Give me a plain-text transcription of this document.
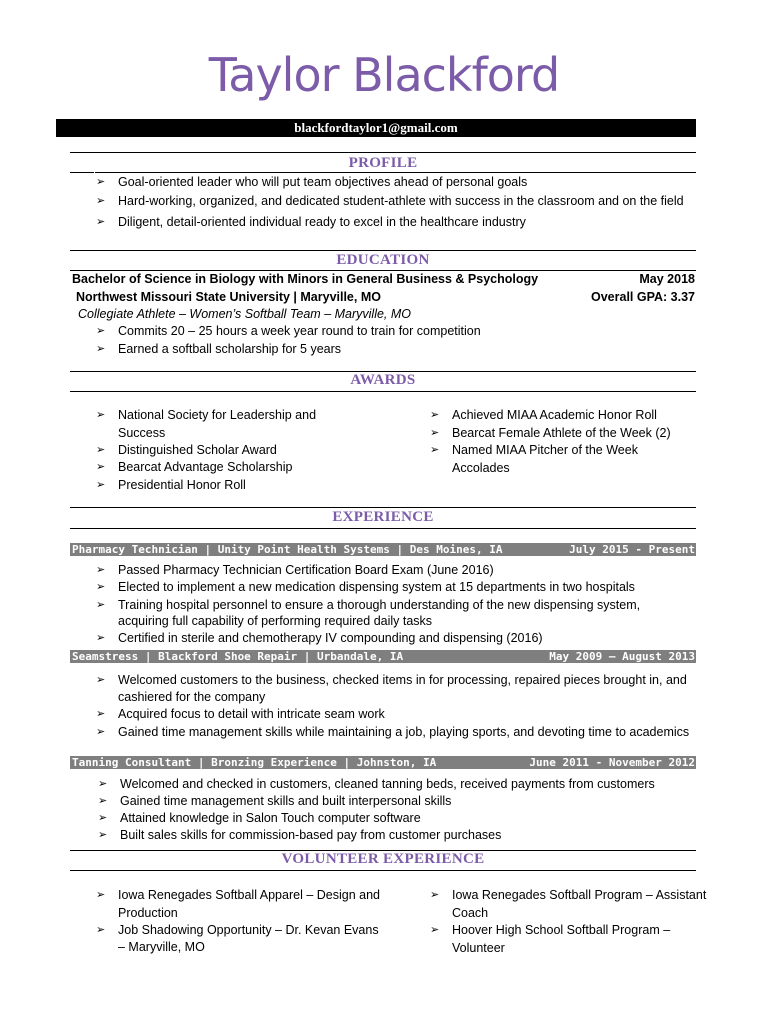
Taylor Blackford
blackfordtaylor1@gmail.com
PROFILE
➢ Goal-oriented leader who will put team objectives ahead of personal goals
➢ Hard-working, organized, and dedicated student-athlete with success in the classroom and on the field
➢ Diligent, detail-oriented individual ready to excel in the healthcare industry
EDUCATION
Bachelor of Science in Biology with Minors in General Business & Psychology	May 2018
Northwest Missouri State University | Maryville, MO	Overall GPA: 3.37
Collegiate Athlete – Women’s Softball Team – Maryville, MO
➢ Commits 20 – 25 hours a week year round to train for competition
➢ Earned a softball scholarship for 5 years
AWARDS
➢ National Society for Leadership and
Success
➢ Distinguished Scholar Award
➢ Bearcat Advantage Scholarship
➢ Presidential Honor Roll
➢ Achieved MIAA Academic Honor Roll
➢ Bearcat Female Athlete of the Week (2)
➢ Named MIAA Pitcher of the Week
Accolades
EXPERIENCE
Pharmacy Technician | Unity Point Health Systems | Des Moines, IA	July 2015 - Present
➢ Passed Pharmacy Technician Certification Board Exam (June 2016)
➢ Elected to implement a new medication dispensing system at 15 departments in two hospitals
➢ Training hospital personnel to ensure a thorough understanding of the new dispensing system,
acquiring full capability of performing required daily tasks
➢ Certified in sterile and chemotherapy IV compounding and dispensing (2016)
Seamstress | Blackford Shoe Repair | Urbandale, IA	May 2009 – August 2013
➢ Welcomed customers to the business, checked items in for processing, repaired pieces brought in, and
cashiered for the company
➢ Acquired focus to detail with intricate seam work
➢ Gained time management skills while maintaining a job, playing sports, and devoting time to academics
Tanning Consultant | Bronzing Experience | Johnston, IA	June 2011 - November 2012
➢ Welcomed and checked in customers, cleaned tanning beds, received payments from customers
➢ Gained time management skills and built interpersonal skills
➢ Attained knowledge in Salon Touch computer software
➢ Built sales skills for commission-based pay from customer purchases
VOLUNTEER EXPERIENCE
➢ Iowa Renegades Softball Apparel – Design and
Production
➢ Job Shadowing Opportunity – Dr. Kevan Evans
– Maryville, MO
➢ Iowa Renegades Softball Program – Assistant
Coach
➢ Hoover High School Softball Program –
Volunteer
